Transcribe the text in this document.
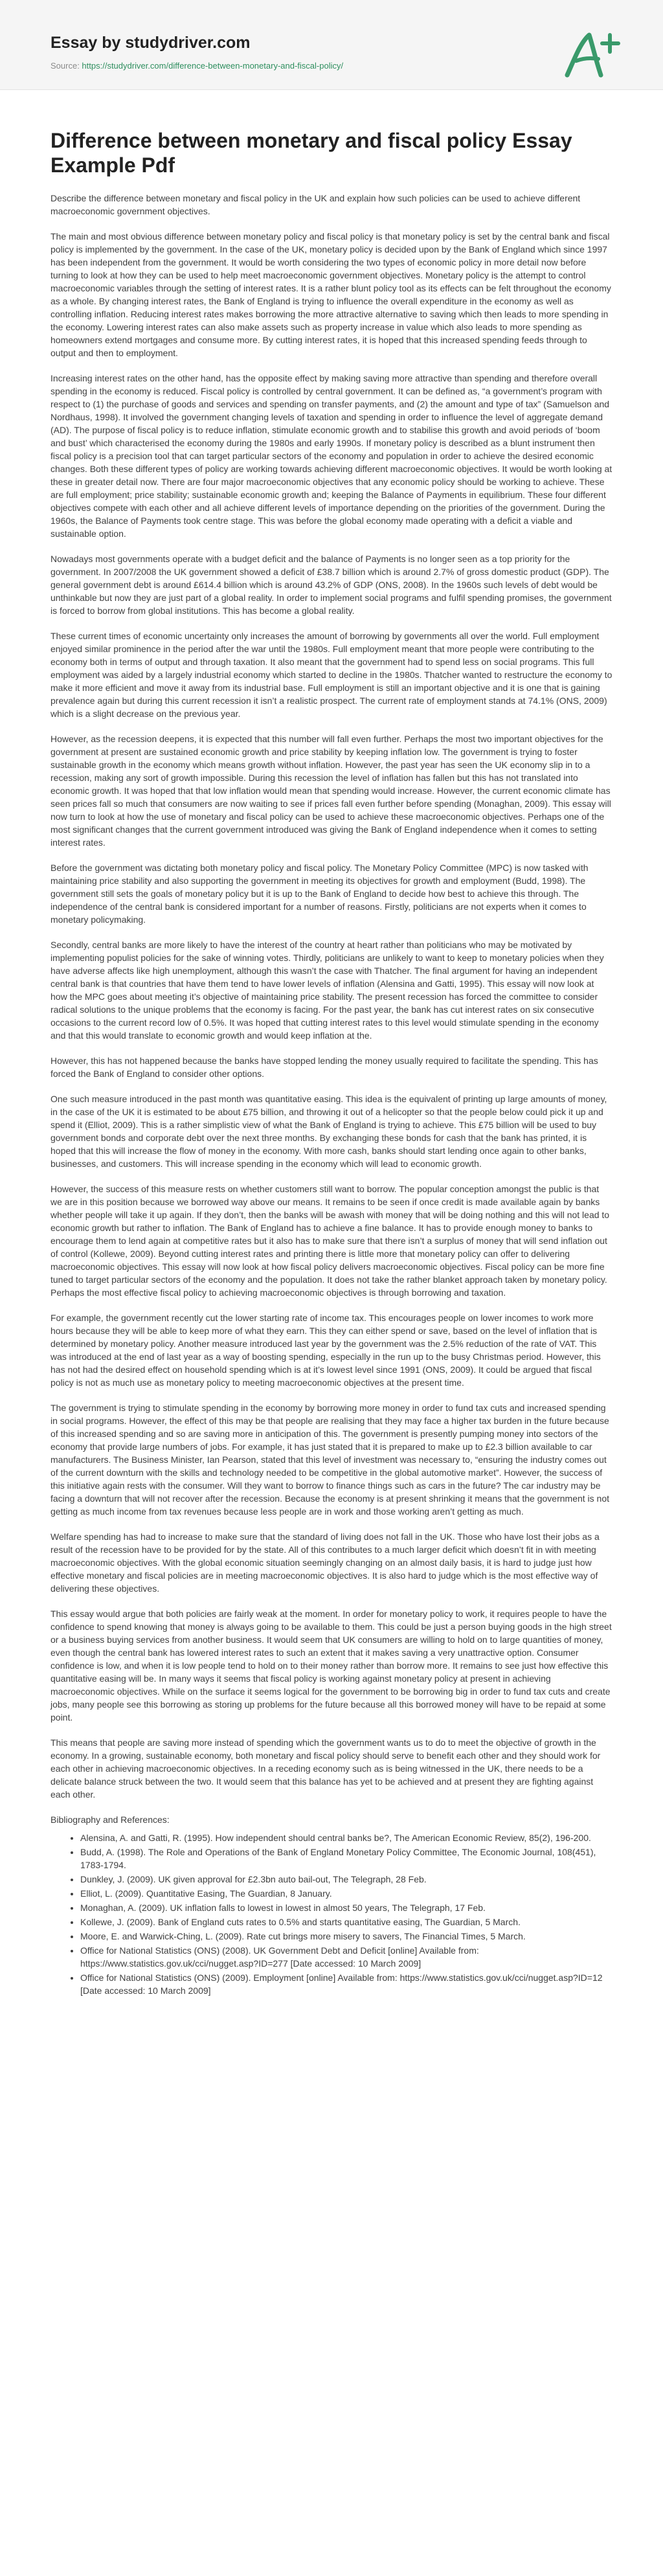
Essay by studydriver.com
Source: https://studydriver.com/difference-between-monetary-and-fiscal-policy/
Difference between monetary and fiscal policy Essay Example Pdf

Describe the difference between monetary and fiscal policy in the UK and explain how such policies can be used to achieve different macroeconomic government objectives.

The main and most obvious difference between monetary policy and fiscal policy is that monetary policy is set by the central bank and fiscal policy is implemented by the government. In the case of the UK, monetary policy is decided upon by the Bank of England which since 1997 has been independent from the government. It would be worth considering the two types of economic policy in more detail now before turning to look at how they can be used to help meet macroeconomic government objectives. Monetary policy is the attempt to control macroeconomic variables through the setting of interest rates. It is a rather blunt policy tool as its effects can be felt throughout the economy as a whole. By changing interest rates, the Bank of England is trying to influence the overall expenditure in the economy as well as controlling inflation. Reducing interest rates makes borrowing the more attractive alternative to saving which then leads to more spending in the economy. Lowering interest rates can also make assets such as property increase in value which also leads to more spending as homeowners extend mortgages and consume more. By cutting interest rates, it is hoped that this increased spending feeds through to output and then to employment.

Increasing interest rates on the other hand, has the opposite effect by making saving more attractive than spending and therefore overall spending in the economy is reduced. Fiscal policy is controlled by central government. It can be defined as, “a government’s program with respect to (1) the purchase of goods and services and spending on transfer payments, and (2) the amount and type of tax” (Samuelson and Nordhaus, 1998). It involved the government changing levels of taxation and spending in order to influence the level of aggregate demand (AD). The purpose of fiscal policy is to reduce inflation, stimulate economic growth and to stabilise this growth and avoid periods of ‘boom and bust’ which characterised the economy during the 1980s and early 1990s. If monetary policy is described as a blunt instrument then fiscal policy is a precision tool that can target particular sectors of the economy and population in order to achieve the desired economic changes. Both these different types of policy are working towards achieving different macroeconomic objectives. It would be worth looking at these in greater detail now. There are four major macroeconomic objectives that any economic policy should be working to achieve. These are full employment; price stability; sustainable economic growth and; keeping the Balance of Payments in equilibrium. These four different objectives compete with each other and all achieve different levels of importance depending on the priorities of the government. During the 1960s, the Balance of Payments took centre stage. This was before the global economy made operating with a deficit a viable and sustainable option.

Nowadays most governments operate with a budget deficit and the balance of Payments is no longer seen as a top priority for the government. In 2007/2008 the UK government showed a deficit of £38.7 billion which is around 2.7% of gross domestic product (GDP). The general government debt is around £614.4 billion which is around 43.2% of GDP (ONS, 2008). In the 1960s such levels of debt would be unthinkable but now they are just part of a global reality. In order to implement social programs and fulfil spending promises, the government is forced to borrow from global institutions. This has become a global reality.

These current times of economic uncertainty only increases the amount of borrowing by governments all over the world. Full employment enjoyed similar prominence in the period after the war until the 1980s. Full employment meant that more people were contributing to the economy both in terms of output and through taxation. It also meant that the government had to spend less on social programs. This full employment was aided by a largely industrial economy which started to decline in the 1980s. Thatcher wanted to restructure the economy to make it more efficient and move it away from its industrial base. Full employment is still an important objective and it is one that is gaining prevalence again but during this current recession it isn’t a realistic prospect. The current rate of employment stands at 74.1% (ONS, 2009) which is a slight decrease on the previous year.

However, as the recession deepens, it is expected that this number will fall even further. Perhaps the most two important objectives for the government at present are sustained economic growth and price stability by keeping inflation low. The government is trying to foster sustainable growth in the economy which means growth without inflation. However, the past year has seen the UK economy slip in to a recession, making any sort of growth impossible. During this recession the level of inflation has fallen but this has not translated into economic growth. It was hoped that that low inflation would mean that spending would increase. However, the current economic climate has seen prices fall so much that consumers are now waiting to see if prices fall even further before spending (Monaghan, 2009). This essay will now turn to look at how the use of monetary and fiscal policy can be used to achieve these macroeconomic objectives. Perhaps one of the most significant changes that the current government introduced was giving the Bank of England independence when it comes to setting interest rates.

Before the government was dictating both monetary policy and fiscal policy. The Monetary Policy Committee (MPC) is now tasked with maintaining price stability and also supporting the government in meeting its objectives for growth and employment (Budd, 1998). The government still sets the goals of monetary policy but it is up to the Bank of England to decide how best to achieve this through. The independence of the central bank is considered important for a number of reasons. Firstly, politicians are not experts when it comes to monetary policymaking.

Secondly, central banks are more likely to have the interest of the country at heart rather than politicians who may be motivated by implementing populist policies for the sake of winning votes. Thirdly, politicians are unlikely to want to keep to monetary policies when they have adverse affects like high unemployment, although this wasn’t the case with Thatcher. The final argument for having an independent central bank is that countries that have them tend to have lower levels of inflation (Alensina and Gatti, 1995). This essay will now look at how the MPC goes about meeting it’s objective of maintaining price stability. The present recession has forced the committee to consider radical solutions to the unique problems that the economy is facing. For the past year, the bank has cut interest rates on six consecutive occasions to the current record low of 0.5%. It was hoped that cutting interest rates to this level would stimulate spending in the economy and that this would translate to economic growth and would keep inflation at the.

However, this has not happened because the banks have stopped lending the money usually required to facilitate the spending. This has forced the Bank of England to consider other options.

One such measure introduced in the past month was quantitative easing. This idea is the equivalent of printing up large amounts of money, in the case of the UK it is estimated to be about £75 billion, and throwing it out of a helicopter so that the people below could pick it up and spend it (Elliot, 2009). This is a rather simplistic view of what the Bank of England is trying to achieve. This £75 billion will be used to buy government bonds and corporate debt over the next three months. By exchanging these bonds for cash that the bank has printed, it is hoped that this will increase the flow of money in the economy. With more cash, banks should start lending once again to other banks, businesses, and customers. This will increase spending in the economy which will lead to economic growth.

However, the success of this measure rests on whether customers still want to borrow. The popular conception amongst the public is that we are in this position because we borrowed way above our means. It remains to be seen if once credit is made available again by banks whether people will take it up again. If they don’t, then the banks will be awash with money that will be doing nothing and this will not lead to economic growth but rather to inflation. The Bank of England has to achieve a fine balance. It has to provide enough money to banks to encourage them to lend again at competitive rates but it also has to make sure that there isn’t a surplus of money that will send inflation out of control (Kollewe, 2009). Beyond cutting interest rates and printing there is little more that monetary policy can offer to delivering macroeconomic objectives. This essay will now look at how fiscal policy delivers macroeconomic objectives. Fiscal policy can be more fine tuned to target particular sectors of the economy and the population. It does not take the rather blanket approach taken by monetary policy. Perhaps the most effective fiscal policy to achieving macroeconomic objectives is through borrowing and taxation.

For example, the government recently cut the lower starting rate of income tax. This encourages people on lower incomes to work more hours because they will be able to keep more of what they earn. This they can either spend or save, based on the level of inflation that is determined by monetary policy. Another measure introduced last year by the government was the 2.5% reduction of the rate of VAT. This was introduced at the end of last year as a way of boosting spending, especially in the run up to the busy Christmas period. However, this has not had the desired effect on household spending which is at it’s lowest level since 1991 (ONS, 2009). It could be argued that fiscal policy is not as much use as monetary policy to meeting macroeconomic objectives at the present time.

The government is trying to stimulate spending in the economy by borrowing more money in order to fund tax cuts and increased spending in social programs. However, the effect of this may be that people are realising that they may face a higher tax burden in the future because of this increased spending and so are saving more in anticipation of this. The government is presently pumping money into sectors of the economy that provide large numbers of jobs. For example, it has just stated that it is prepared to make up to £2.3 billion available to car manufacturers. The Business Minister, Ian Pearson, stated that this level of investment was necessary to, “ensuring the industry comes out of the current downturn with the skills and technology needed to be competitive in the global automotive market”. However, the success of this initiative again rests with the consumer. Will they want to borrow to finance things such as cars in the future? The car industry may be facing a downturn that will not recover after the recession. Because the economy is at present shrinking it means that the government is not getting as much income from tax revenues because less people are in work and those working aren’t getting as much.

Welfare spending has had to increase to make sure that the standard of living does not fall in the UK. Those who have lost their jobs as a result of the recession have to be provided for by the state. All of this contributes to a much larger deficit which doesn’t fit in with meeting macroeconomic objectives. With the global economic situation seemingly changing on an almost daily basis, it is hard to judge just how effective monetary and fiscal policies are in meeting macroeconomic objectives. It is also hard to judge which is the most effective way of delivering these objectives.

This essay would argue that both policies are fairly weak at the moment. In order for monetary policy to work, it requires people to have the confidence to spend knowing that money is always going to be available to them. This could be just a person buying goods in the high street or a business buying services from another business. It would seem that UK consumers are willing to hold on to large quantities of money, even though the central bank has lowered interest rates to such an extent that it makes saving a very unattractive option. Consumer confidence is low, and when it is low people tend to hold on to their money rather than borrow more. It remains to see just how effective this quantitative easing will be. In many ways it seems that fiscal policy is working against monetary policy at present in achieving macroeconomic objectives. While on the surface it seems logical for the government to be borrowing big in order to fund tax cuts and create jobs, many people see this borrowing as storing up problems for the future because all this borrowed money will have to be repaid at some point.

This means that people are saving more instead of spending which the government wants us to do to meet the objective of growth in the economy. In a growing, sustainable economy, both monetary and fiscal policy should serve to benefit each other and they should work for each other in achieving macroeconomic objectives. In a receding economy such as is being witnessed in the UK, there needs to be a delicate balance struck between the two. It would seem that this balance has yet to be achieved and at present they are fighting against each other.

Bibliography and References:
• Alensina, A. and Gatti, R. (1995). How independent should central banks be?, The American Economic Review, 85(2), 196-200.
• Budd, A. (1998). The Role and Operations of the Bank of England Monetary Policy Committee, The Economic Journal, 108(451), 1783-1794.
• Dunkley, J. (2009). UK given approval for £2.3bn auto bail-out, The Telegraph, 28 Feb.
• Elliot, L. (2009). Quantitative Easing, The Guardian, 8 January.
• Monaghan, A. (2009). UK inflation falls to lowest in lowest in almost 50 years, The Telegraph, 17 Feb.
• Kollewe, J. (2009). Bank of England cuts rates to 0.5% and starts quantitative easing, The Guardian, 5 March.
• Moore, E. and Warwick-Ching, L. (2009). Rate cut brings more misery to savers, The Financial Times, 5 March.
• Office for National Statistics (ONS) (2008). UK Government Debt and Deficit [online] Available from: https://www.statistics.gov.uk/cci/nugget.asp?ID=277 [Date accessed: 10 March 2009]
• Office for National Statistics (ONS) (2009). Employment [online] Available from: https://www.statistics.gov.uk/cci/nugget.asp?ID=12 [Date accessed: 10 March 2009]
